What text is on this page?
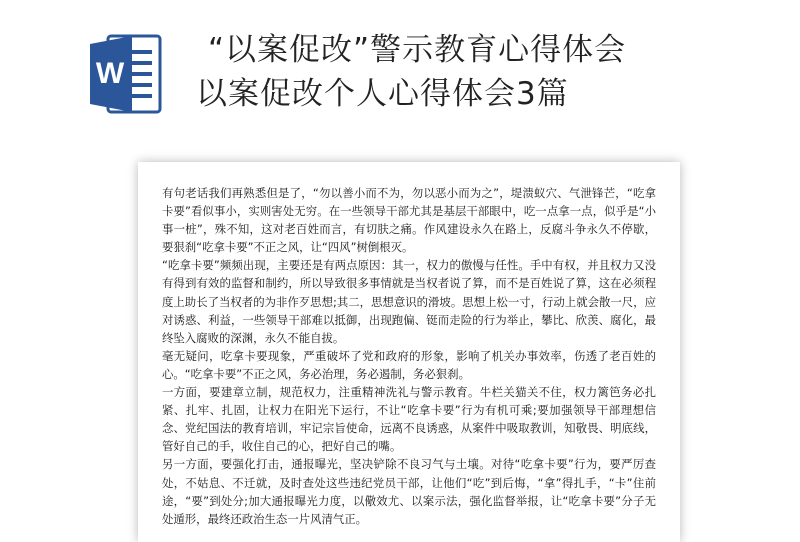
W
“以案促改”警示教育心得体会
以案促改个人心得体会3篇

有句老话我们再熟悉但是了，“勿以善小而不为，勿以恶小而为之”，堤溃蚁穴、气泄锋芒，“吃拿卡要”看似事小，实则害处无穷。在一些领导干部尤其是基层干部眼中，吃一点拿一点，似乎是“小事一桩”，殊不知，这对老百姓而言，有切肤之痛。作风建设永久在路上，反腐斗争永久不停歇，要狠刹“吃拿卡要”不正之风，让“四风”树倒根灭。

“吃拿卡要”频频出现，主要还是有两点原因：其一，权力的傲慢与任性。手中有权，并且权力又没有得到有效的监督和制约，所以导致很多事情就是当权者说了算，而不是百姓说了算，这在必须程度上助长了当权者的为非作歹思想;其二，思想意识的滑坡。思想上松一寸，行动上就会散一尺，应对诱惑、利益，一些领导干部难以抵御，出现跑偏、铤而走险的行为举止，攀比、欣羡、腐化，最终坠入腐败的深渊，永久不能自拔。

毫无疑问，吃拿卡要现象，严重破坏了党和政府的形象，影响了机关办事效率，伤透了老百姓的心。“吃拿卡要”不正之风，务必治理，务必遏制，务必狠刹。

一方面，要建章立制，规范权力，注重精神洗礼与警示教育。牛栏关猫关不住，权力篱笆务必扎紧、扎牢、扎固，让权力在阳光下运行，不让“吃拿卡要”行为有机可乘;要加强领导干部理想信念、党纪国法的教育培训，牢记宗旨使命，远离不良诱惑，从案件中吸取教训，知敬畏、明底线，管好自己的手，收住自己的心，把好自己的嘴。

另一方面，要强化打击，通报曝光，坚决铲除不良习气与土壤。对待“吃拿卡要”行为，要严厉查处，不姑息、不迁就，及时查处这些违纪党员干部，让他们“吃”到后悔，“拿”得扎手，“卡”住前途，“要”到处分;加大通报曝光力度，以儆效尤、以案示法，强化监督举报，让“吃拿卡要”分子无处遁形，最终还政治生态一片风清气正。
